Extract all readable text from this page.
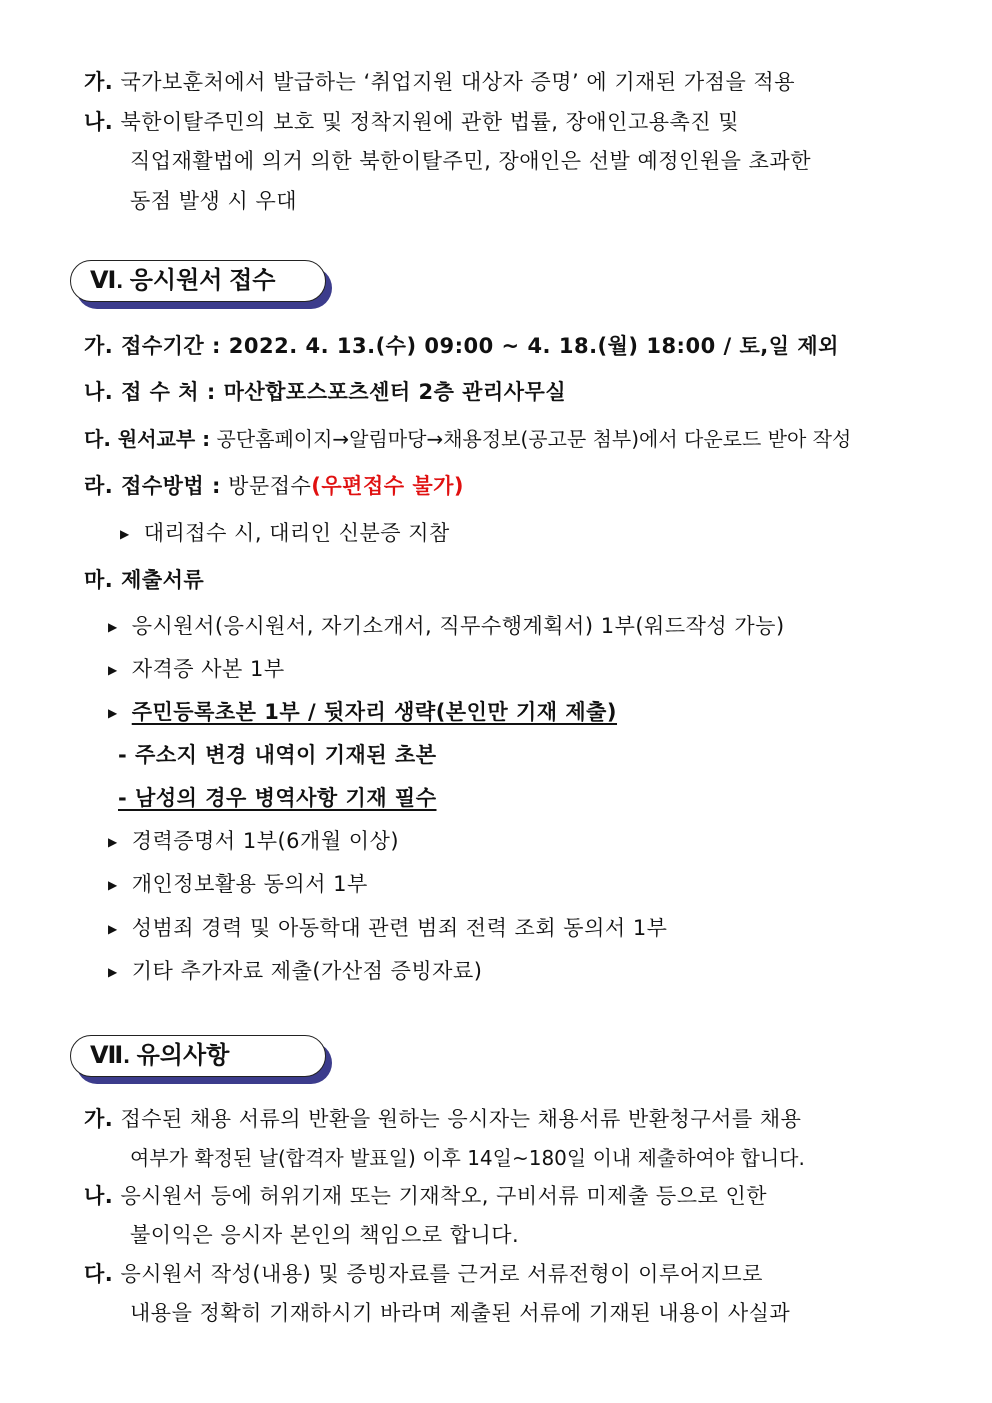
가. 국가보훈처에서 발급하는 ‘취업지원 대상자 증명’ 에 기재된 가점을 적용
나. 북한이탈주민의 보호 및 정착지원에 관한 법률, 장애인고용촉진 및
직업재활법에 의거 의한 북한이탈주민, 장애인은 선발 예정인원을 초과한
동점 발생 시 우대
Ⅵ. 응시원서 접수
가. 접수기간 : 2022. 4. 13.(수) 09:00 ~ 4. 18.(월) 18:00 / 토,일 제외
나. 접 수 처 : 마산합포스포츠센터 2층 관리사무실
다. 원서교부 : 공단홈페이지→알림마당→채용정보(공고문 첨부)에서 다운로드 받아 작성
라. 접수방법 : 방문접수(우편접수 불가)
▶ 대리접수 시, 대리인 신분증 지참
마. 제출서류
▶ 응시원서(응시원서, 자기소개서, 직무수행계획서) 1부(워드작성 가능)
▶ 자격증 사본 1부
▶ 주민등록초본 1부 / 뒷자리 생략(본인만 기재 제출)
- 주소지 변경 내역이 기재된 초본
- 남성의 경우 병역사항 기재 필수
▶ 경력증명서 1부(6개월 이상)
▶ 개인정보활용 동의서 1부
▶ 성범죄 경력 및 아동학대 관련 범죄 전력 조회 동의서 1부
▶ 기타 추가자료 제출(가산점 증빙자료)
Ⅶ. 유의사항
가. 접수된 채용 서류의 반환을 원하는 응시자는 채용서류 반환청구서를 채용
여부가 확정된 날(합격자 발표일) 이후 14일~180일 이내 제출하여야 합니다.
나. 응시원서 등에 허위기재 또는 기재착오, 구비서류 미제출 등으로 인한
불이익은 응시자 본인의 책임으로 합니다.
다. 응시원서 작성(내용) 및 증빙자료를 근거로 서류전형이 이루어지므로
내용을 정확히 기재하시기 바라며 제출된 서류에 기재된 내용이 사실과
